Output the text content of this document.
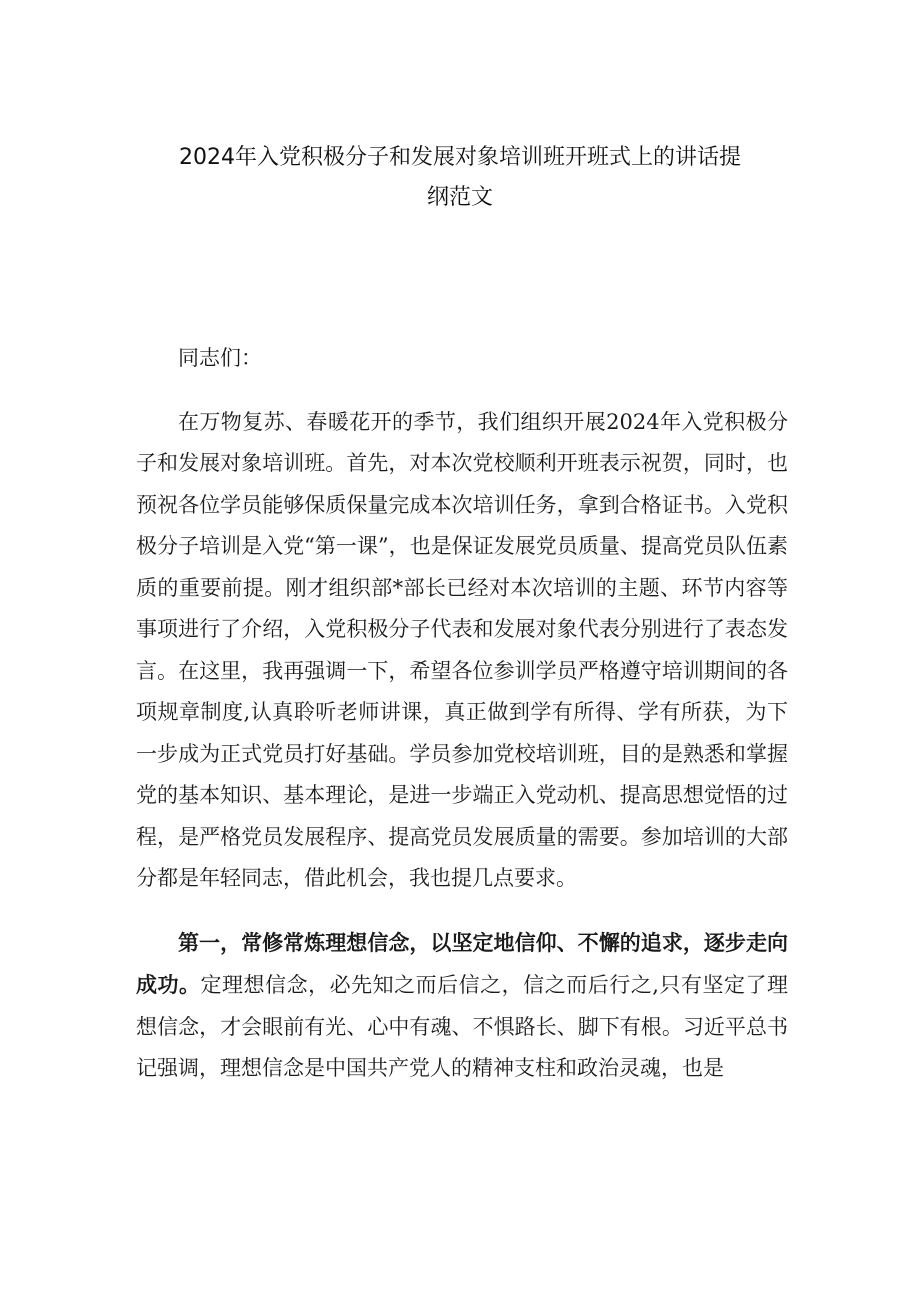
2024年入党积极分子和发展对象培训班开班式上的讲话提
纲范文

同志们：

在万物复苏、春暖花开的季节，我们组织开展2024年入党积极分子和发展对象培训班。首先，对本次党校顺利开班表示祝贺，同时，也预祝各位学员能够保质保量完成本次培训任务，拿到合格证书。入党积极分子培训是入党“第一课”，也是保证发展党员质量、提高党员队伍素质的重要前提。刚才组织部*部长已经对本次培训的主题、环节内容等事项进行了介绍，入党积极分子代表和发展对象代表分别进行了表态发言。在这里，我再强调一下，希望各位参训学员严格遵守培训期间的各项规章制度,认真聆听老师讲课，真正做到学有所得、学有所获，为下一步成为正式党员打好基础。学员参加党校培训班，目的是熟悉和掌握党的基本知识、基本理论，是进一步端正入党动机、提高思想觉悟的过程，是严格党员发展程序、提高党员发展质量的需要。参加培训的大部分都是年轻同志，借此机会，我也提几点要求。

第一，常修常炼理想信念，以坚定地信仰、不懈的追求，逐步走向成功。定理想信念，必先知之而后信之，信之而后行之,只有坚定了理想信念，才会眼前有光、心中有魂、不惧路长、脚下有根。习近平总书记强调，理想信念是中国共产党人的精神支柱和政治灵魂，也是
